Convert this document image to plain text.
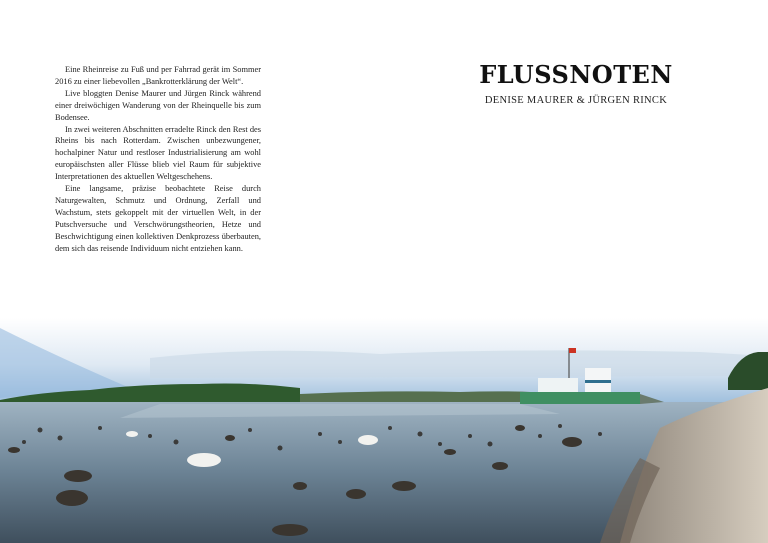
Eine Rheinreise zu Fuß und per Fahrrad gerät im Sommer 2016 zu einer liebevollen „Bankrotterklärung der Welt“.

Live bloggten Denise Maurer und Jürgen Rinck während einer dreiwöchigen Wanderung von der Rheinquelle bis zum Bodensee.

In zwei weiteren Abschnitten erradelte Rinck den Rest des Rheins bis nach Rotterdam. Zwischen unbezwungener, hochalpiner Natur und restloser Industrialisierung am wohl europäischsten aller Flüsse blieb viel Raum für subjektive Interpretationen des aktuellen Weltgeschehens.

Eine langsame, präzise beobachtete Reise durch Naturgewalten, Schmutz und Ordnung, Zerfall und Wachstum, stets gekoppelt mit der virtuellen Welt, in der Putschversuche und Verschwörungstheorien, Hetze und Beschwichtigung einen kollektiven Denkprozess überbauten, dem sich das reisende Individuum nicht entziehen kann.

FLUSSNOTEN
DENISE MAURER & JÜRGEN RINCK
